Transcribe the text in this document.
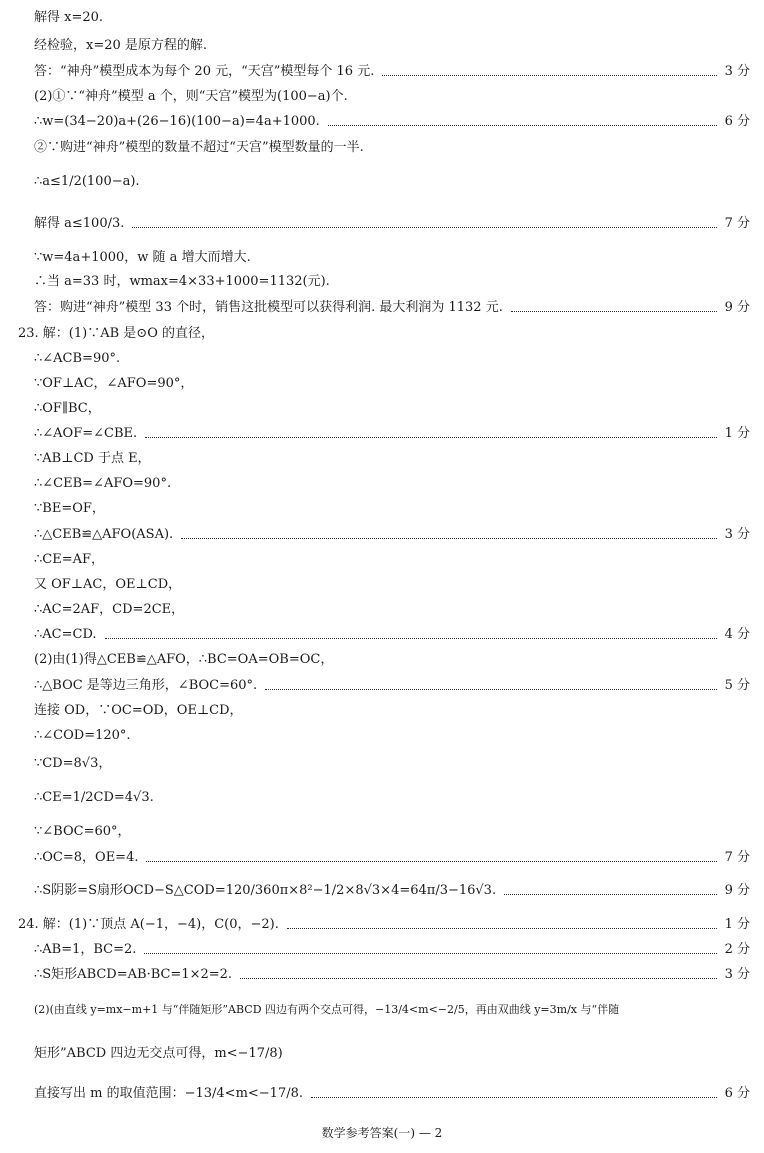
解得 x=20.
经检验，x=20 是原方程的解.
答：“神舟”模型成本为每个 20 元，“天宫”模型每个 16 元.	3 分
(2)①∵“神舟”模型 a 个，则“天宫”模型为(100−a)个.
∴w=(34−20)a+(26−16)(100−a)=4a+1000.	6 分
②∵购进“神舟”模型的数量不超过“天宫”模型数量的一半.
∴a≤1/2(100−a).
解得 a≤100/3.	7 分
∵w=4a+1000，w 随 a 增大而增大.
∴当 a=33 时，wmax=4×33+1000=1132(元).
答：购进“神舟”模型 33 个时，销售这批模型可以获得利润. 最大利润为 1132 元.	9 分
23. 解：(1)∵AB 是⊙O 的直径，
∴∠ACB=90°.
∵OF⊥AC，∠AFO=90°，
∴OF∥BC，
∴∠AOF=∠CBE.	1 分
∵AB⊥CD 于点 E，
∴∠CEB=∠AFO=90°.
∵BE=OF，
∴△CEB≌△AFO(ASA).	3 分
∴CE=AF，
又 OF⊥AC，OE⊥CD，
∴AC=2AF，CD=2CE，
∴AC=CD.	4 分
(2)由(1)得△CEB≌△AFO，∴BC=OA=OB=OC，
∴△BOC 是等边三角形，∠BOC=60°.	5 分
连接 OD，∵OC=OD，OE⊥CD，
∴∠COD=120°.
∵CD=8√3，
∴CE=1/2CD=4√3.
∵∠BOC=60°，
∴OC=8，OE=4.	7 分
∴S阴影=S扇形OCD−S△COD=120/360π×8²−1/2×8√3×4=64π/3−16√3.	9 分
24. 解：(1)∵顶点 A(−1，−4)，C(0，−2).	1 分
∴AB=1，BC=2.	2 分
∴S矩形ABCD=AB·BC=1×2=2.	3 分
(2)(由直线 y=mx−m+1 与“伴随矩形”ABCD 四边有两个交点可得，−13/4<m<−2/5，再由双曲线 y=3m/x 与“伴随
矩形”ABCD 四边无交点可得，m<−17/8)
直接写出 m 的取值范围：−13/4<m<−17/8.	6 分
数学参考答案(一) — 2
